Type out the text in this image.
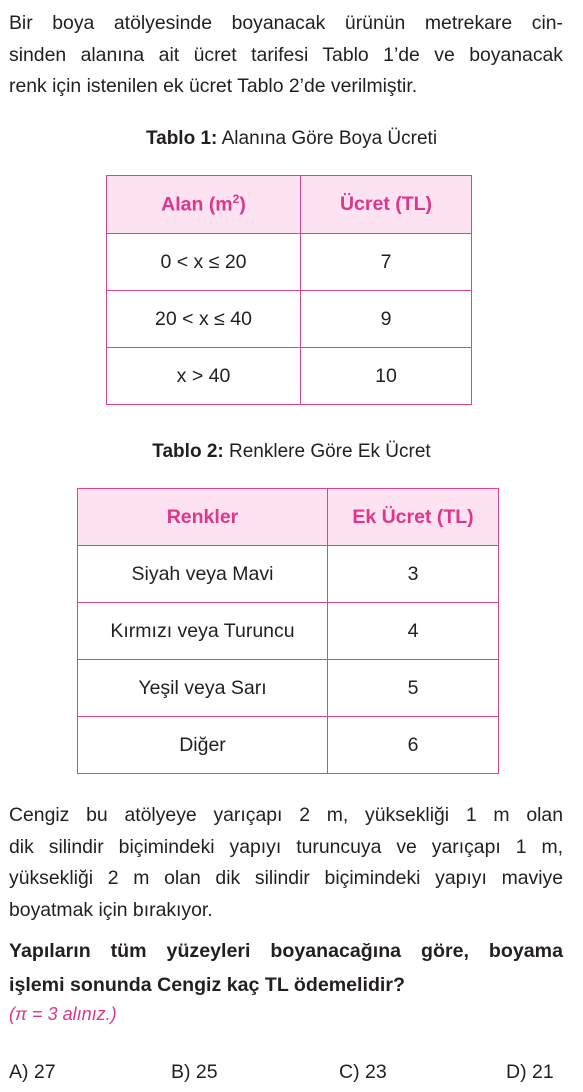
Bir boya atölyesinde boyanacak ürünün metrekare cin-
sinden alanına ait ücret tarifesi Tablo 1’de ve boyanacak
renk için istenilen ek ücret Tablo 2’de verilmiştir.
Tablo 1: Alanına Göre Boya Ücreti
Alan $(m^2)$	Ücret (TL)
0 < x ≤ 20	7
20 < x ≤ 40	9
x > 40	10
Tablo 2: Renklere Göre Ek Ücret
Renkler	Ek Ücret (TL)
Siyah veya Mavi	3
Kırmızı veya Turuncu	4
Yeşil veya Sarı	5
Diğer	6
Cengiz bu atölyeye yarıçapı 2 m, yüksekliği 1 m olan
dik silindir biçimindeki yapıyı turuncuya ve yarıçapı 1 m,
yüksekliği 2 m olan dik silindir biçimindeki yapıyı maviye
boyatmak için bırakıyor.
Yapıların tüm yüzeyleri boyanacağına göre, boyama
işlemi sonunda Cengiz kaç TL ödemelidir?
(π = 3 alınız.)
A) 27	B) 25	C) 23	D) 21
